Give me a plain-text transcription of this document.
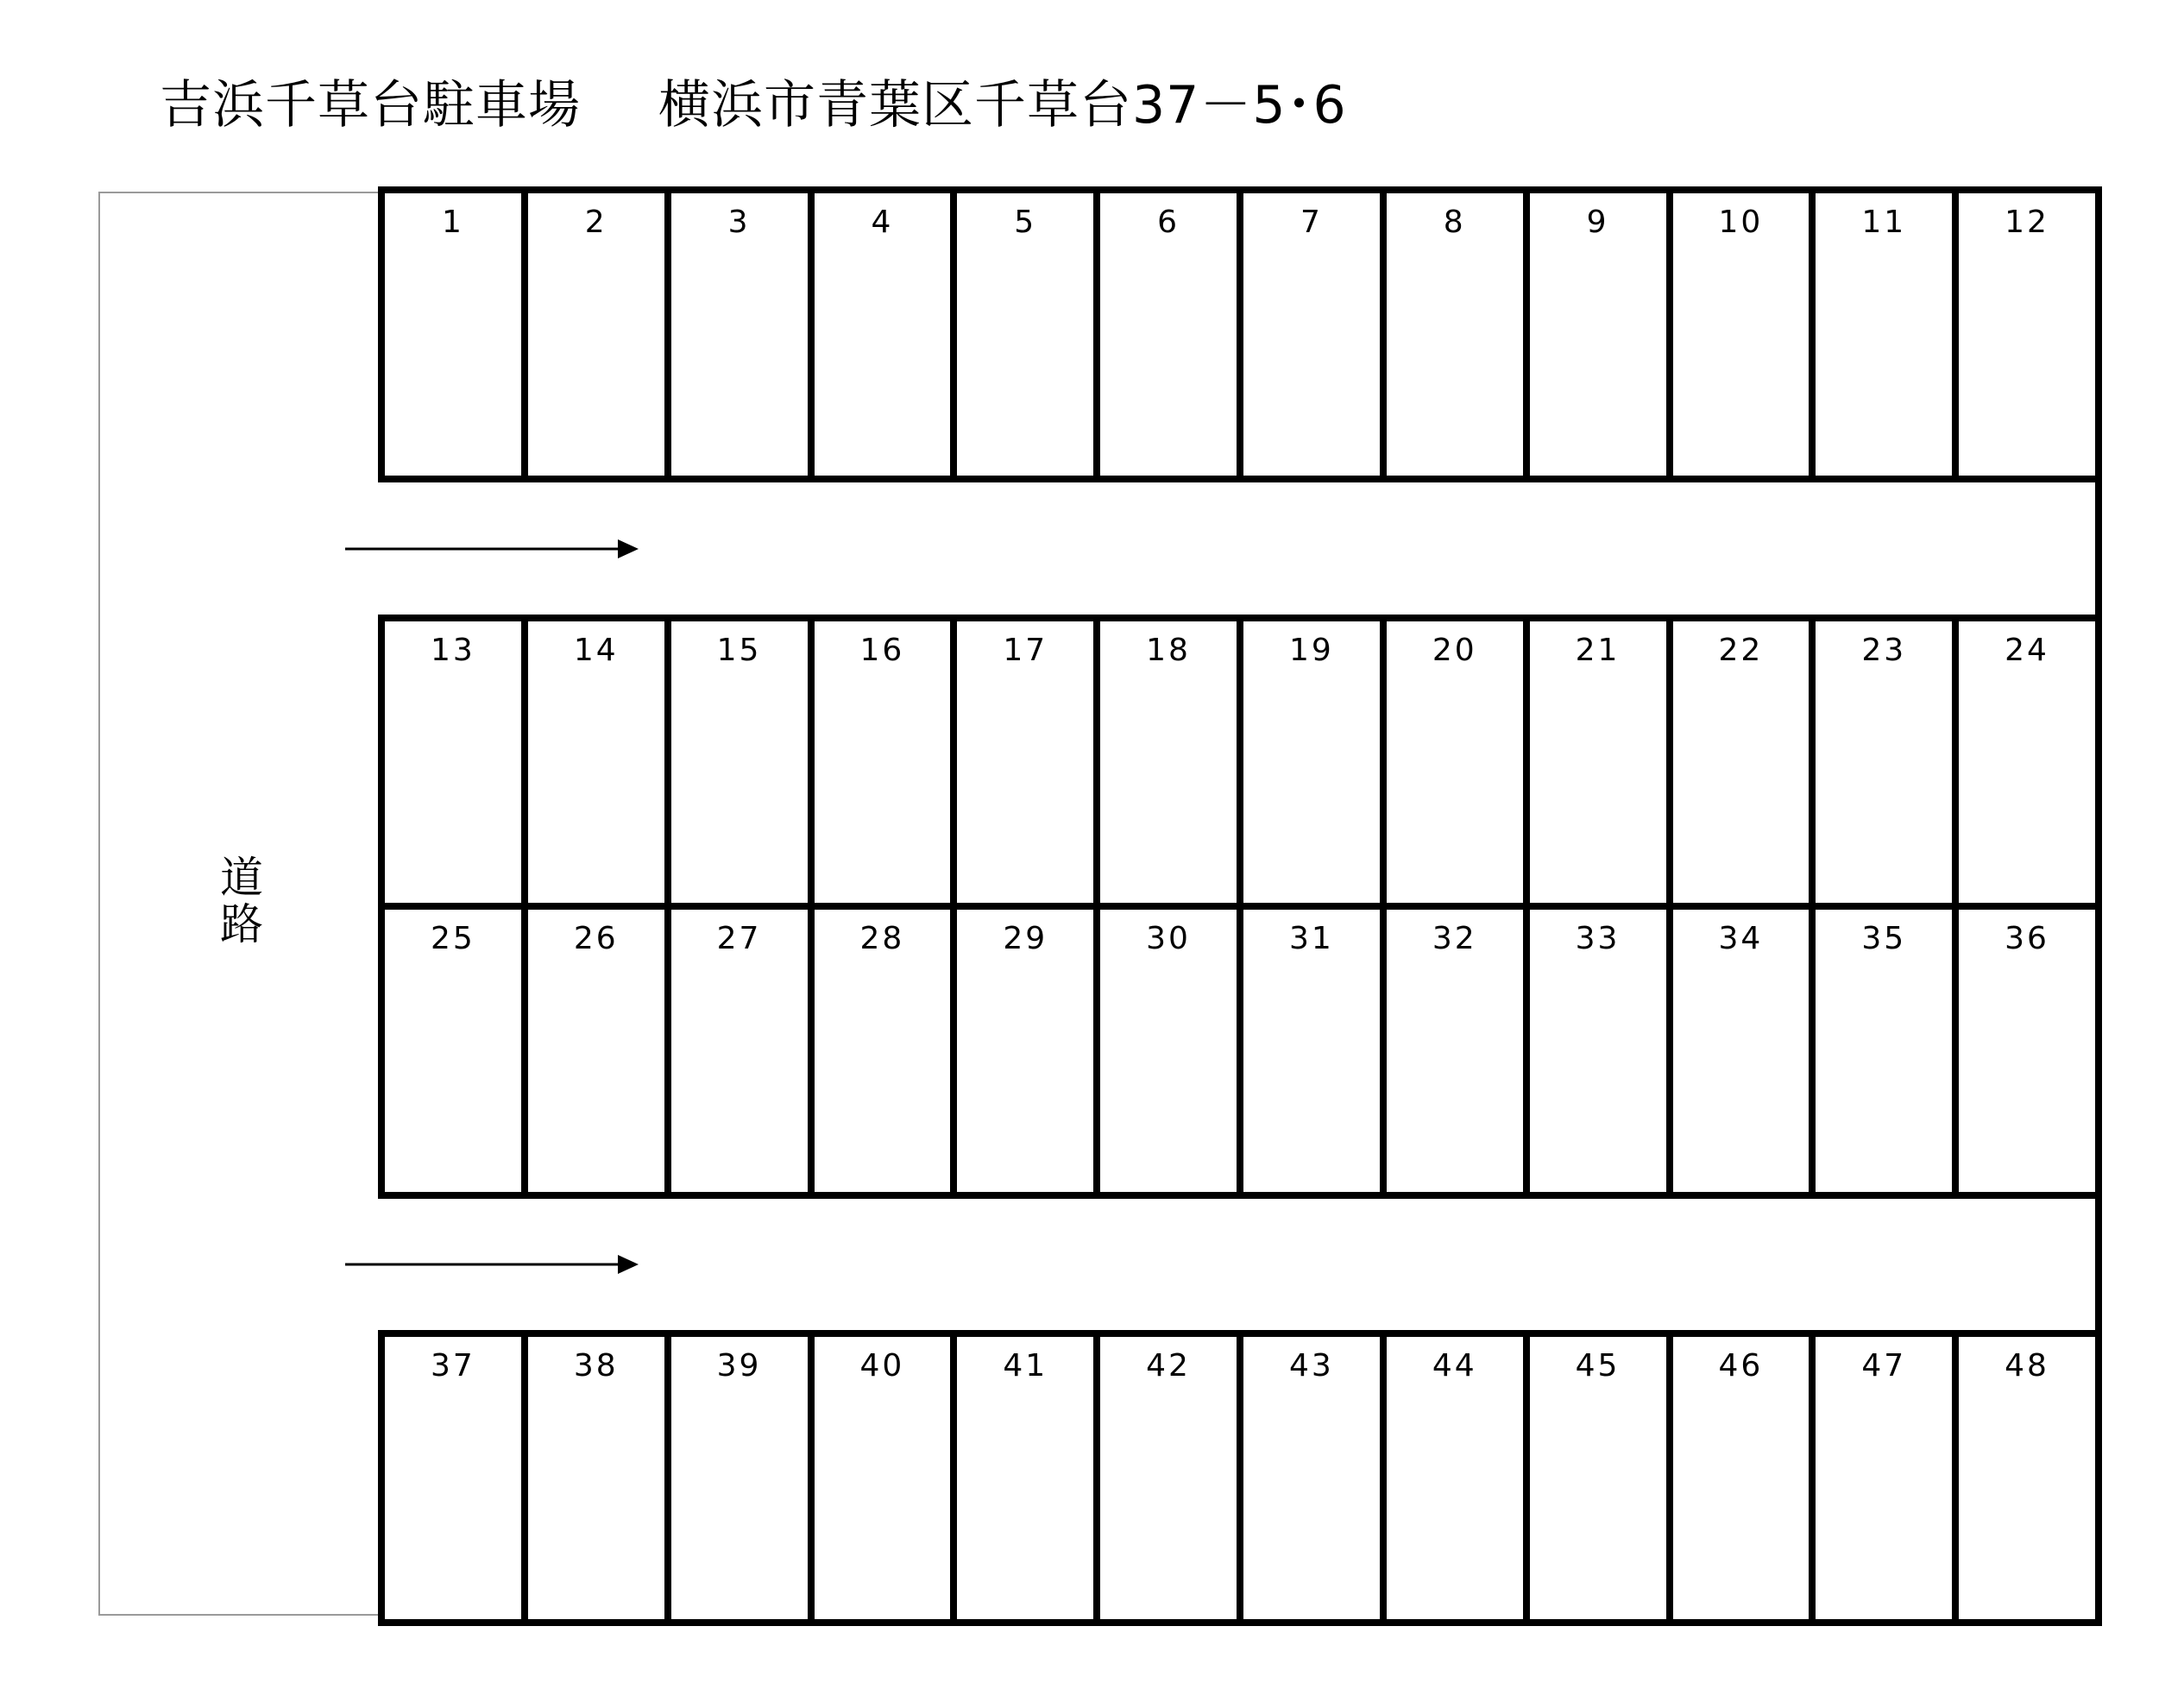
吉浜千草台駐車場 横浜市青葉区千草台37－5･6
道
路
1	2	3	4	5	6	7	8	9	10	11	12
13	14	15	16	17	18	19	20	21	22	23	24
25	26	27	28	29	30	31	32	33	34	35	36
37	38	39	40	41	42	43	44	45	46	47	48
